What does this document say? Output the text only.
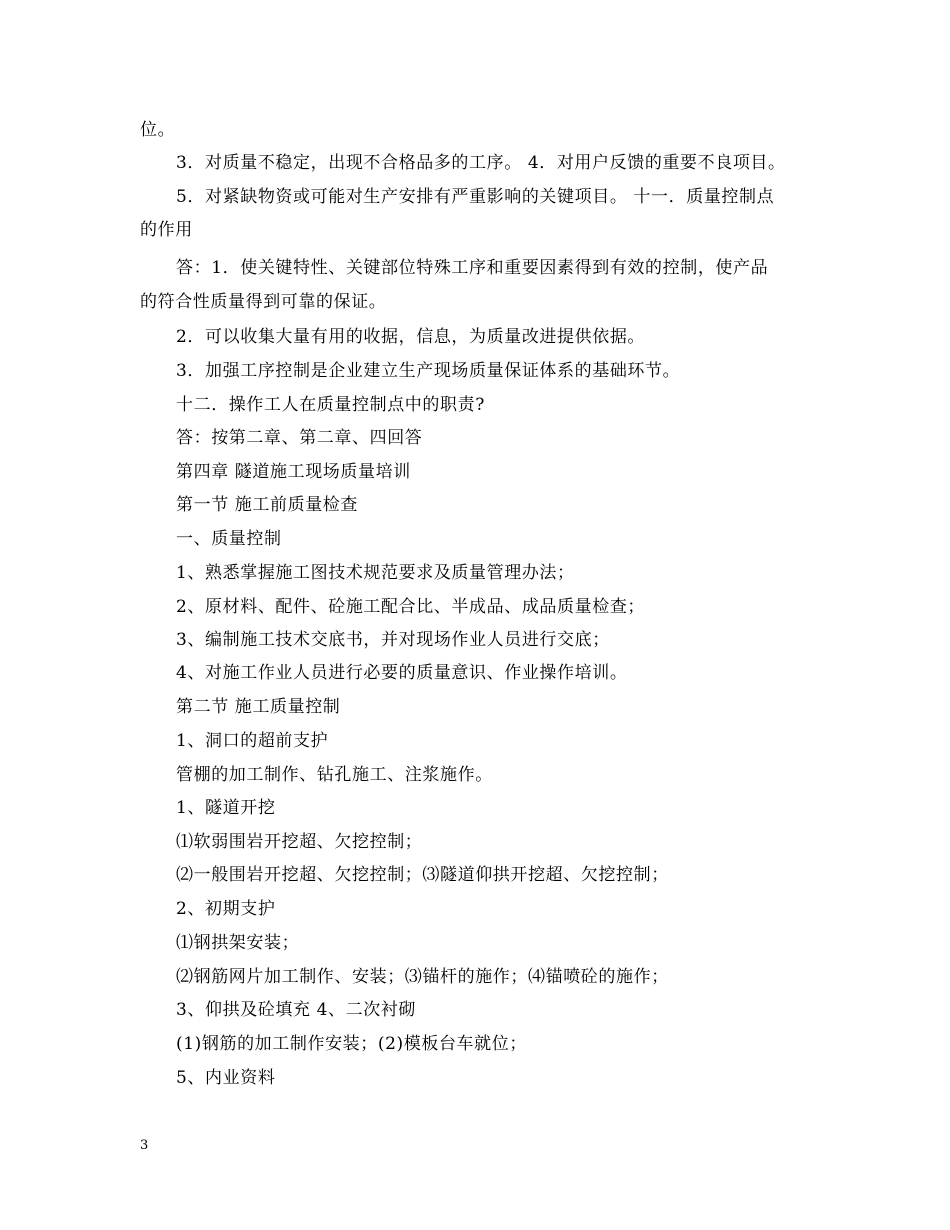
位。
3．对质量不稳定，出现不合格品多的工序。 4．对用户反馈的重要不良项目。
5．对紧缺物资或可能对生产安排有严重影响的关键项目。 十一．质量控制点
的作用
答：1．使关键特性、关键部位特殊工序和重要因素得到有效的控制，使产品
的符合性质量得到可靠的保证。
2．可以收集大量有用的收据，信息，为质量改进提供依据。
3．加强工序控制是企业建立生产现场质量保证体系的基础环节。
十二．操作工人在质量控制点中的职责?
答：按第二章、第二章、四回答
第四章 隧道施工现场质量培训
第一节 施工前质量检查
一、质量控制
1、熟悉掌握施工图技术规范要求及质量管理办法；
2、原材料、配件、砼施工配合比、半成品、成品质量检查；
3、编制施工技术交底书，并对现场作业人员进行交底；
4、对施工作业人员进行必要的质量意识、作业操作培训。
第二节 施工质量控制
1、洞口的超前支护
管棚的加工制作、钻孔施工、注浆施作。
1、隧道开挖
⑴软弱围岩开挖超、欠挖控制；
⑵一般围岩开挖超、欠挖控制；⑶隧道仰拱开挖超、欠挖控制；
2、初期支护
⑴钢拱架安装；
⑵钢筋网片加工制作、安装；⑶锚杆的施作；⑷锚喷砼的施作；
3、仰拱及砼填充 4、二次衬砌
(1)钢筋的加工制作安装；(2)模板台车就位；
5、内业资料
3
